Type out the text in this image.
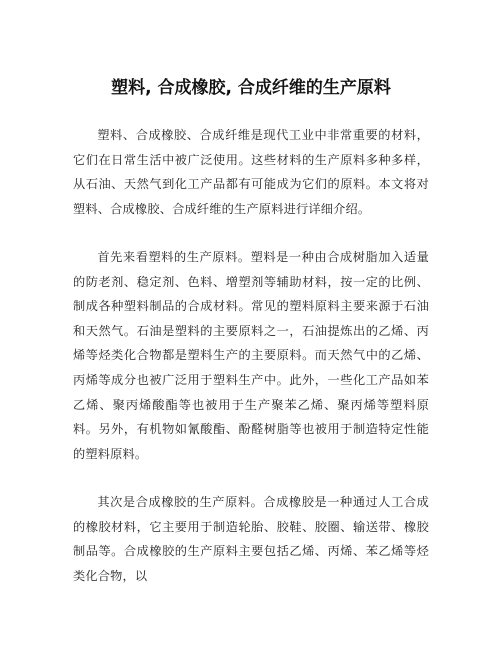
塑料, 合成橡胶, 合成纤维的生产原料

塑料、合成橡胶、合成纤维是现代工业中非常重要的材料，它们在日常生活中被广泛使用。这些材料的生产原料多种多样，从石油、天然气到化工产品都有可能成为它们的原料。本文将对塑料、合成橡胶、合成纤维的生产原料进行详细介绍。

首先来看塑料的生产原料。塑料是一种由合成树脂加入适量的防老剂、稳定剂、色料、增塑剂等辅助材料，按一定的比例、制成各种塑料制品的合成材料。常见的塑料原料主要来源于石油和天然气。石油是塑料的主要原料之一，石油提炼出的乙烯、丙烯等烃类化合物都是塑料生产的主要原料。而天然气中的乙烯、丙烯等成分也被广泛用于塑料生产中。此外，一些化工产品如苯乙烯、聚丙烯酸酯等也被用于生产聚苯乙烯、聚丙烯等塑料原料。另外，有机物如氰酸酯、酚醛树脂等也被用于制造特定性能的塑料原料。

其次是合成橡胶的生产原料。合成橡胶是一种通过人工合成的橡胶材料，它主要用于制造轮胎、胶鞋、胶圈、输送带、橡胶制品等。合成橡胶的生产原料主要包括乙烯、丙烯、苯乙烯等烃类化合物，以
